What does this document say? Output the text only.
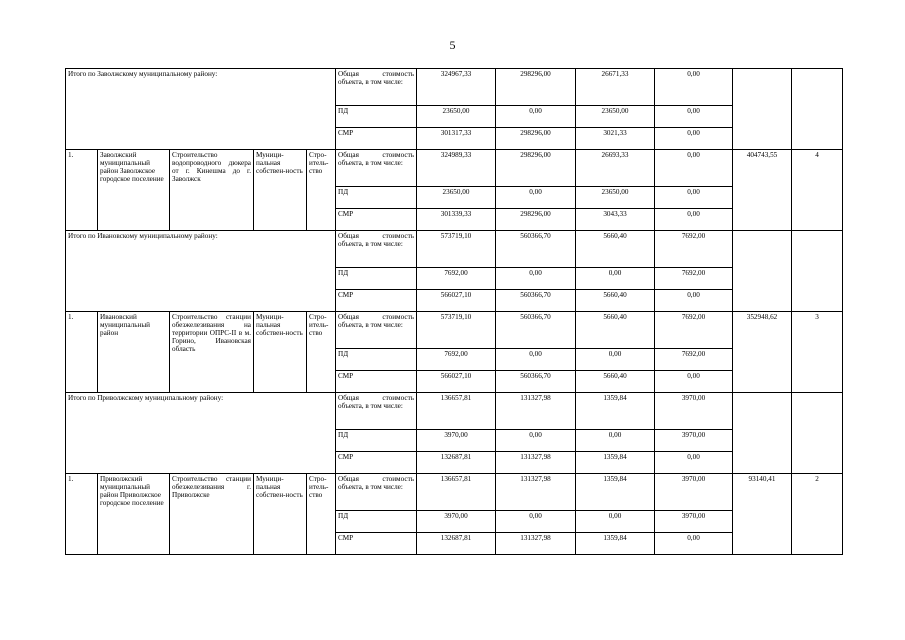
5
Итого по Заволжскому муниципальному району:					Общая стоимость объекта, в том числе:	324967,33	298296,00	26671,33	0,00		
					ПД	23650,00	0,00	23650,00	0,00		
					СМР	301317,33	298296,00	3021,33	0,00		
1.	Заволжский муниципальный район Заволжское городское поселение	Строительство водопроводного дюкера от г. Кинешма до г. Заволжск	Муници-пальная собствен-ность	Стро-итель-ство	Общая стоимость объекта, в том числе:	324989,33	298296,00	26693,33	0,00	404743,55	4
					ПД	23650,00	0,00	23650,00	0,00		
					СМР	301339,33	298296,00	3043,33	0,00		
Итого по Ивановскому муниципальному району:					Общая стоимость объекта, в том числе:	573719,10	560366,70	5660,40	7692,00		
					ПД	7692,00	0,00	0,00	7692,00		
					СМР	566027,10	560366,70	5660,40	0,00		
1.	Ивановский муниципальный район	Строительство станции обезжелезивания на территории ОПРС-II в м. Горино, Ивановская область	Муници-пальная собствен-ность	Стро-итель-ство	Общая стоимость объекта, в том числе:	573719,10	560366,70	5660,40	7692,00	352948,62	3
					ПД	7692,00	0,00	0,00	7692,00		
					СМР	566027,10	560366,70	5660,40	0,00		
Итого по Приволжскому муниципальному району:					Общая стоимость объекта, в том числе:	136657,81	131327,98	1359,84	3970,00		
					ПД	3970,00	0,00	0,00	3970,00		
					СМР	132687,81	131327,98	1359,84	0,00		
1.	Приволжский муниципальный район Приволжское городское поселение	Строительство станции обезжелезивания г. Приволжске	Муници-пальная собствен-ность	Стро-итель-ство	Общая стоимость объекта, в том числе:	136657,81	131327,98	1359,84	3970,00	93140,41	2
					ПД	3970,00	0,00	0,00	3970,00		
					СМР	132687,81	131327,98	1359,84	0,00		
